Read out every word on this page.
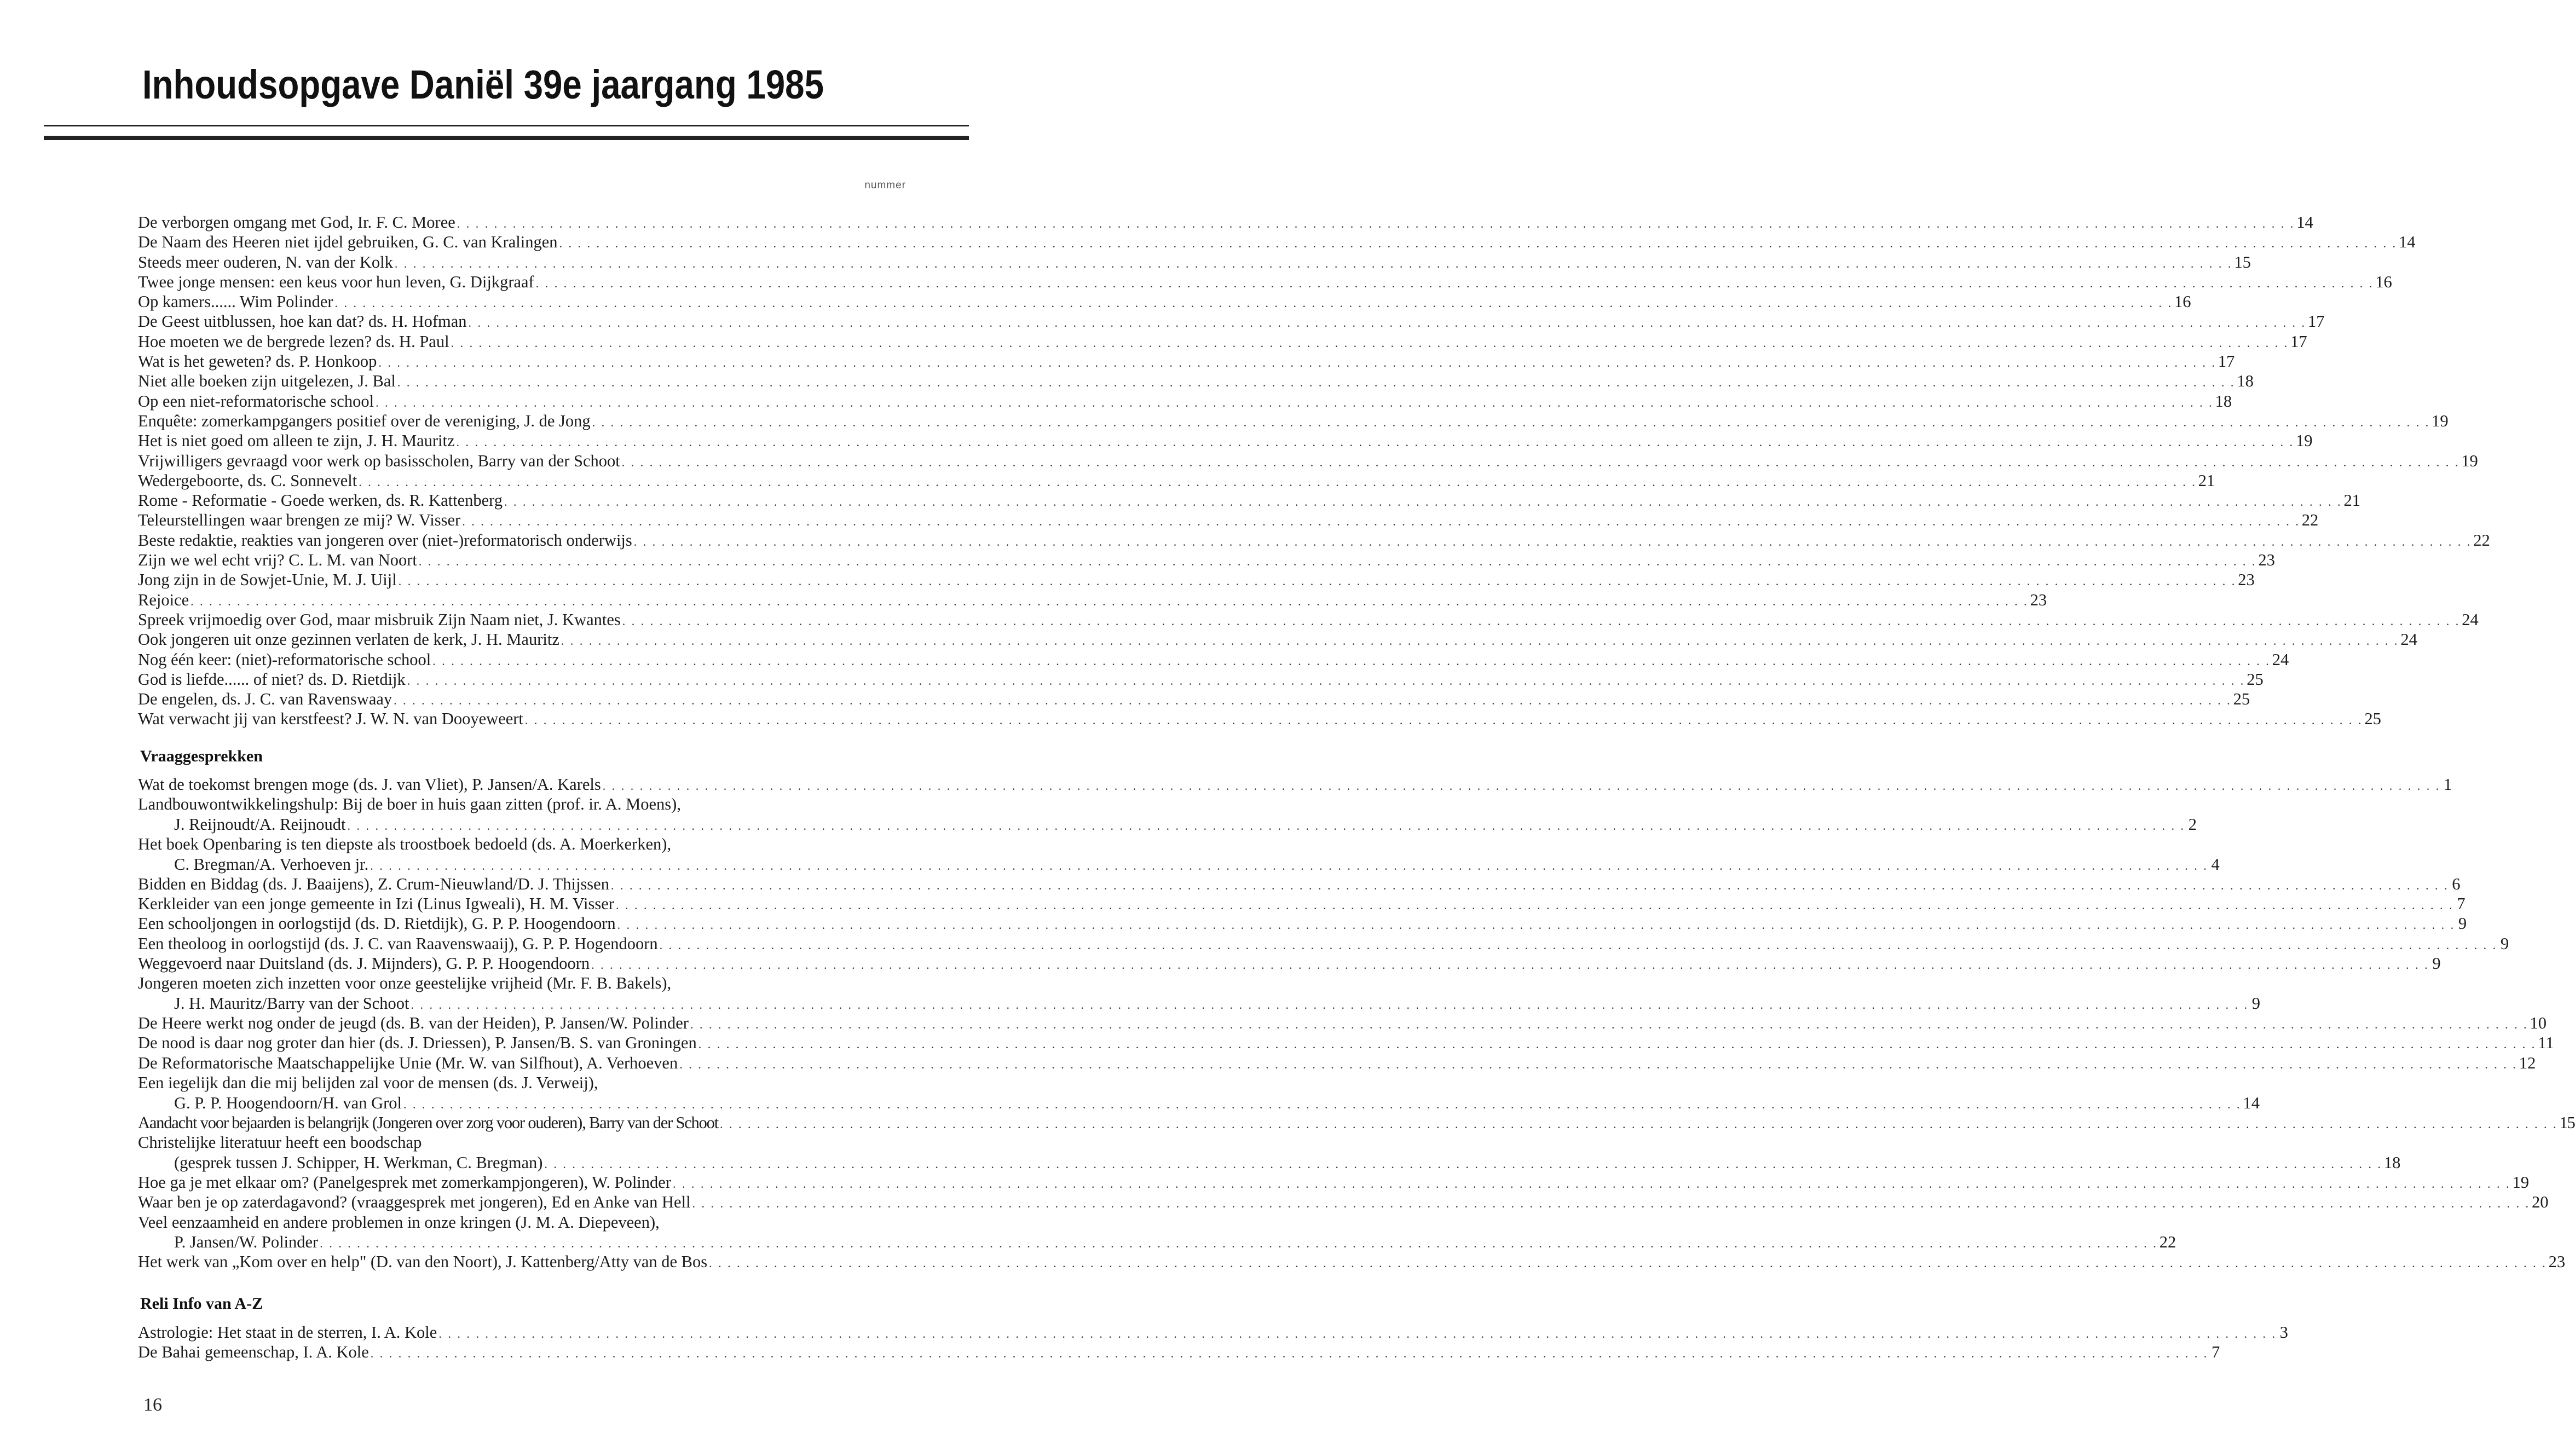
Inhoudsopgave Daniël 39e jaargang 1985
nummer
De verborgen omgang met God, Ir. F. C. Moree . . .	14
De Naam des Heeren niet ijdel gebruiken, G. C. van Kralingen . . .	14
Steeds meer ouderen, N. van der Kolk . . .	15
Twee jonge mensen: een keus voor hun leven, G. Dijkgraaf . . .	16
Op kamers...... Wim Polinder . . .	16
De Geest uitblussen, hoe kan dat? ds. H. Hofman . . .	17
Hoe moeten we de bergrede lezen? ds. H. Paul . . .	17
Wat is het geweten? ds. P. Honkoop . . .	17
Niet alle boeken zijn uitgelezen, J. Bal . . .	18
Op een niet-reformatorische school . . .	18
Enquête: zomerkampgangers positief over de vereniging, J. de Jong . . .	19
Het is niet goed om alleen te zijn, J. H. Mauritz . . .	19
Vrijwilligers gevraagd voor werk op basisscholen, Barry van der Schoot . . .	19
Wedergeboorte, ds. C. Sonnevelt . . .	21
Rome - Reformatie - Goede werken, ds. R. Kattenberg . . .	21
Teleurstellingen waar brengen ze mij? W. Visser . . .	22
Beste redaktie, reakties van jongeren over (niet-)reformatorisch onderwijs . . .	22
Zijn we wel echt vrij? C. L. M. van Noort . . .	23
Jong zijn in de Sowjet-Unie, M. J. Uijl . . .	23
Rejoice . . .	23
Spreek vrijmoedig over God, maar misbruik Zijn Naam niet, J. Kwantes . . .	24
Ook jongeren uit onze gezinnen verlaten de kerk, J. H. Mauritz . . .	24
Nog één keer: (niet)-reformatorische school . . .	24
God is liefde...... of niet? ds. D. Rietdijk . . .	25
De engelen, ds. J. C. van Ravenswaay . . .	25
Wat verwacht jij van kerstfeest? J. W. N. van Dooyeweert . . .	25
Vraaggesprekken
Wat de toekomst brengen moge (ds. J. van Vliet), P. Jansen/A. Karels . . .	1
Landbouwontwikkelingshulp: Bij de boer in huis gaan zitten (prof. ir. A. Moens),
J. Reijnoudt/A. Reijnoudt . . .	2
Het boek Openbaring is ten diepste als troostboek bedoeld (ds. A. Moerkerken),
C. Bregman/A. Verhoeven jr. . . .	4
Bidden en Biddag (ds. J. Baaijens), Z. Crum-Nieuwland/D. J. Thijssen . . .	6
Kerkleider van een jonge gemeente in Izi (Linus Igweali), H. M. Visser . . .	7
Een schooljongen in oorlogstijd (ds. D. Rietdijk), G. P. P. Hoogendoorn . . .	9
Een theoloog in oorlogstijd (ds. J. C. van Raavenswaaij), G. P. P. Hogendoorn . . .	9
Weggevoerd naar Duitsland (ds. J. Mijnders), G. P. P. Hoogendoorn . . .	9
Jongeren moeten zich inzetten voor onze geestelijke vrijheid (Mr. F. B. Bakels),
J. H. Mauritz/Barry van der Schoot . . .	9
De Heere werkt nog onder de jeugd (ds. B. van der Heiden), P. Jansen/W. Polinder . . .	10
De nood is daar nog groter dan hier (ds. J. Driessen), P. Jansen/B. S. van Groningen . . .	11
De Reformatorische Maatschappelijke Unie (Mr. W. van Silfhout), A. Verhoeven . . .	12
Een iegelijk dan die mij belijden zal voor de mensen (ds. J. Verweij),
G. P. P. Hoogendoorn/H. van Grol . . .	14
Aandacht voor bejaarden is belangrijk (Jongeren over zorg voor ouderen), Barry van der Schoot . . .	15
Christelijke literatuur heeft een boodschap
(gesprek tussen J. Schipper, H. Werkman, C. Bregman) . . .	18
Hoe ga je met elkaar om? (Panelgesprek met zomerkampjongeren), W. Polinder . . .	19
Waar ben je op zaterdagavond? (vraaggesprek met jongeren), Ed en Anke van Hell . . .	20
Veel eenzaamheid en andere problemen in onze kringen (J. M. A. Diepeveen),
P. Jansen/W. Polinder . . .	22
Het werk van „Kom over en help" (D. van den Noort), J. Kattenberg/Atty van de Bos . . .	23
Reli Info van A-Z
Astrologie: Het staat in de sterren, I. A. Kole . . .	3
De Bahai gemeenschap, I. A. Kole . . .	7
16
